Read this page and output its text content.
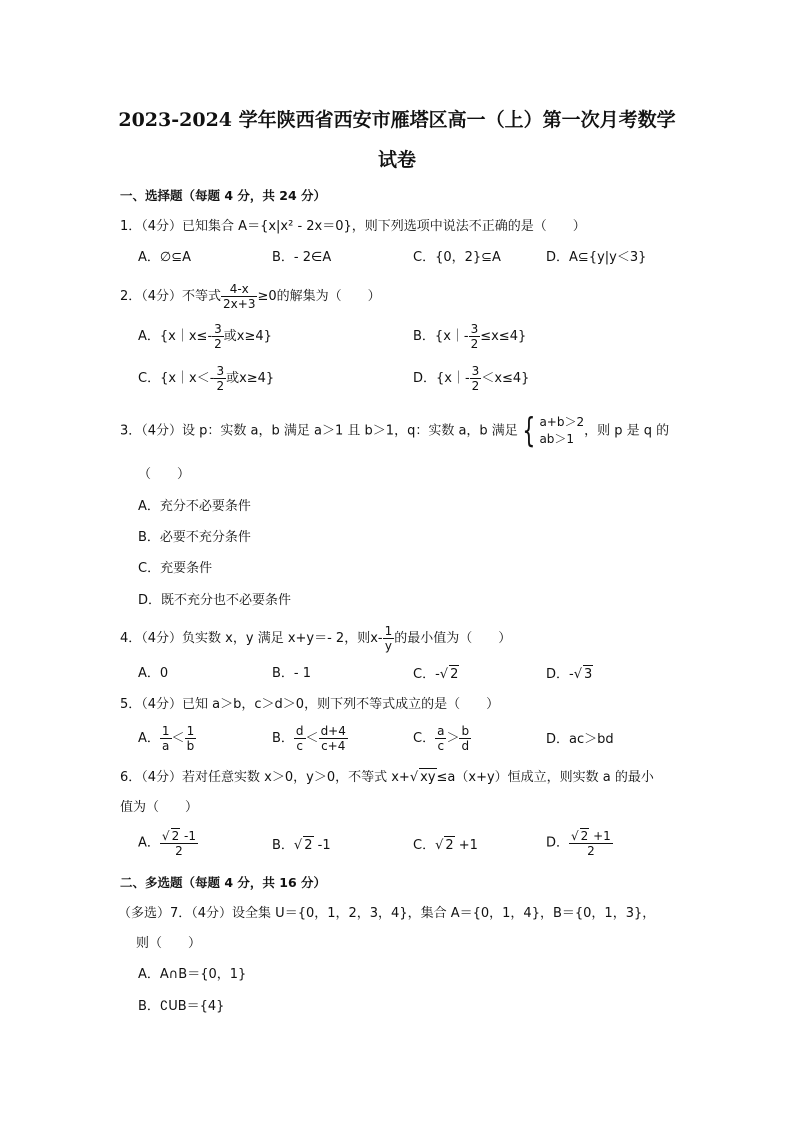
2023-2024 学年陕西省西安市雁塔区高一（上）第一次月考数学
试卷
一、选择题（每题 4 分，共 24 分）
1．（4分）已知集合 A＝{x|x² - 2x＝0}，则下列选项中说法不正确的是（　　）
A．∅⊆A	B．- 2∈A	C．{0，2}⊆A	D．A⊆{y|y＜3}
2．（4分）不等式 $\frac{4-x}{2x+3} \ge 0$的解集为（　　）
A．{x｜x≤- $\frac{3}{2}$ 或x≥4}	B．{x｜- $\frac{3}{2} \le x\le 4$}
C．{x｜x＜- $\frac{3}{2}$ 或x≥4}	D．{x｜- $\frac{3}{2} <x\le 4$}
3．（4分）设 p：实数 a，b 满足 a＞1 且 b＞1，q：实数 a，b 满足 { a+b＞2
ab＞1
，则 p 是 q 的
（　　）
A．充分不必要条件
B．必要不充分条件
C．充要条件
D．既不充分也不必要条件
4．（4分）负实数 x，y 满足 x+y＝- 2，则$x- \frac{1}{y}$ 的最小值为（　　）
A．0	B．- 1	C．-√ 2	D．-√ 3
5．（4分）已知 a＞b，c＞d＞0，则下列不等式成立的是（　　）
A． $\frac{1}{a} < \frac{1}{b}$	B． $\frac{d}{c} < \frac{d+4}{c+4}$	C． $\frac{a}{c} > \frac{b}{d}$	D．ac＞bd
6．（4分）若对任意实数 x＞0，y＞0，不等式 x+√ xy≤a（x+y）恒成立，则实数 a 的最小
值为（　　）
A． $\frac{√ 2 -1}{2}$	B．√ 2 -1	C．√ 2 +1	D． $\frac{√ 2 +1}{2}$
二、多选题（每题 4 分，共 16 分）
（多选）7．（4分）设全集 U＝{0，1，2，3，4}，集合 A＝{0，1，4}，B＝{0，1，3}，
则（　　）
A．A∩B＝{0，1}
B．∁UB＝{4}
